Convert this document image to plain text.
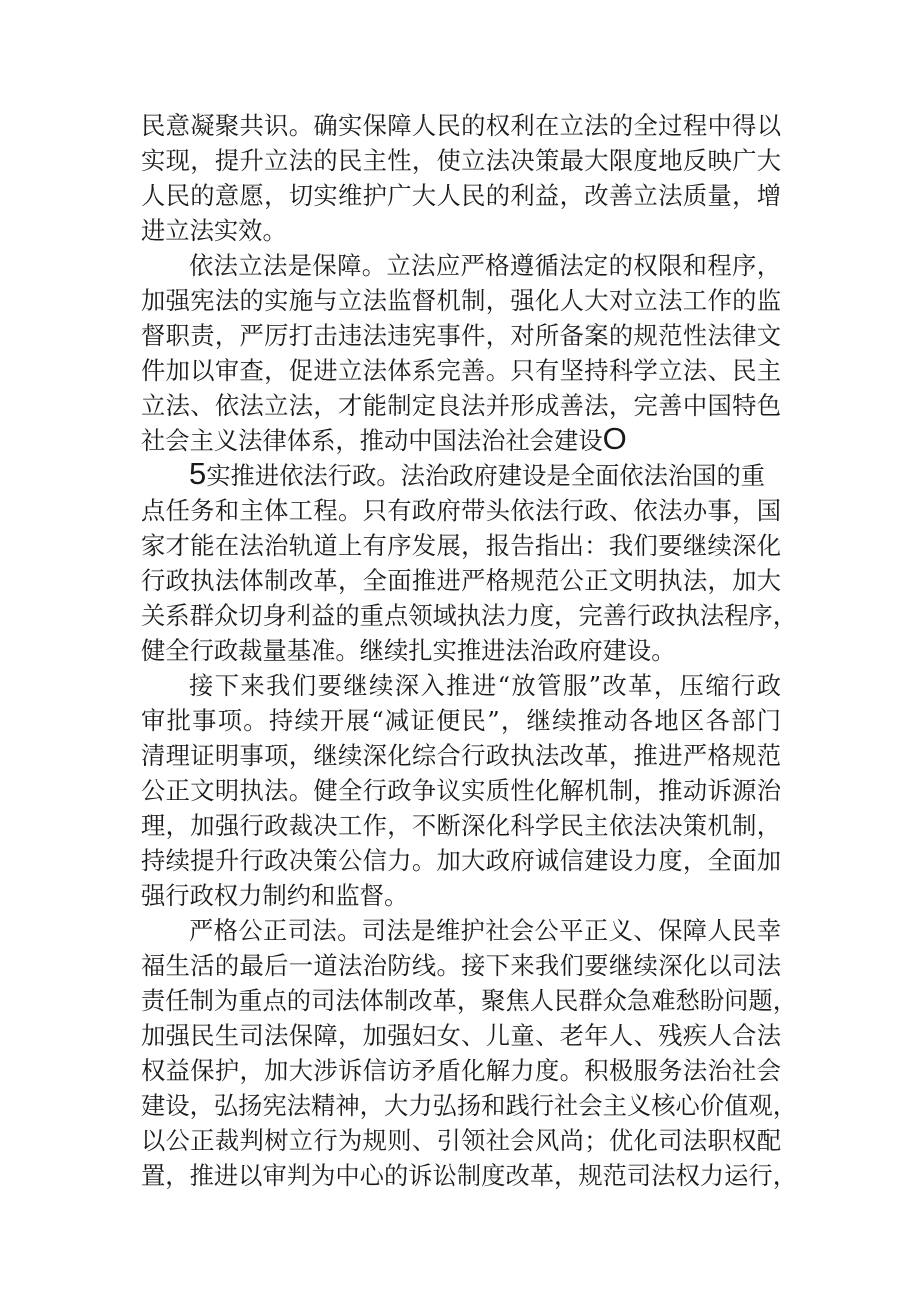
民意凝聚共识。确实保障人民的权利在立法的全过程中得以
实现，提升立法的民主性，使立法决策最大限度地反映广大
人民的意愿，切实维护广大人民的利益，改善立法质量，增
进立法实效。
依法立法是保障。立法应严格遵循法定的权限和程序，
加强宪法的实施与立法监督机制，强化人大对立法工作的监
督职责，严厉打击违法违宪事件，对所备案的规范性法律文
件加以审查，促进立法体系完善。只有坚持科学立法、民主
立法、依法立法，才能制定良法并形成善法，完善中国特色
社会主义法律体系，推动中国法治社会建设O
5实推进依法行政。法治政府建设是全面依法治国的重
点任务和主体工程。只有政府带头依法行政、依法办事，国
家才能在法治轨道上有序发展，报告指出：我们要继续深化
行政执法体制改革，全面推进严格规范公正文明执法，加大
关系群众切身利益的重点领域执法力度，完善行政执法程序，
健全行政裁量基准。继续扎实推进法治政府建设。
接下来我们要继续深入推进“放管服”改革，压缩行政
审批事项。持续开展“减证便民”，继续推动各地区各部门
清理证明事项，继续深化综合行政执法改革，推进严格规范
公正文明执法。健全行政争议实质性化解机制，推动诉源治
理，加强行政裁决工作，不断深化科学民主依法决策机制，
持续提升行政决策公信力。加大政府诚信建设力度，全面加
强行政权力制约和监督。
严格公正司法。司法是维护社会公平正义、保障人民幸
福生活的最后一道法治防线。接下来我们要继续深化以司法
责任制为重点的司法体制改革，聚焦人民群众急难愁盼问题，
加强民生司法保障，加强妇女、儿童、老年人、残疾人合法
权益保护，加大涉诉信访矛盾化解力度。积极服务法治社会
建设，弘扬宪法精神，大力弘扬和践行社会主义核心价值观，
以公正裁判树立行为规则、引领社会风尚；优化司法职权配
置，推进以审判为中心的诉讼制度改革，规范司法权力运行，
